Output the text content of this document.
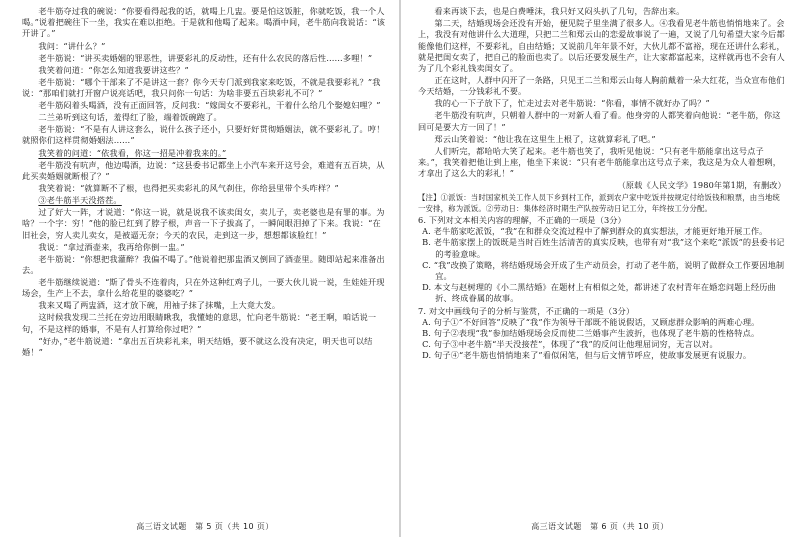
老牛筋夺过我的碗说：“你要看得起我的话，就喝上几盅。要是怕这饭脏，你就吃饭，我一个人喝。”说着把碗往下一坐，我实在难以拒绝。于是就和他喝了起来。喝酒中间，老牛筋向我说话：“该开讲了。”

我问：“讲什么？”

老牛筋说：“讲买卖婚姻的罪恶性，讲要彩礼的反动性，还有什么农民的落后性……多哩！”

我笑着问道：“你怎么知道我要讲这些？”

老牛筋说：“哪个干部来了不是讲这一套？你今天专门派到我家来吃饭，不就是我要彩礼？”我说：“那咱们就打开窗户说亮话吧，我只问你一句话：为啥非要五百块彩礼不可？”

老牛筋闷着头喝酒，没有正面回答，反问我：“嫁闺女不要彩礼，干着什么给几个娶媳妇哩？”

二兰弟听到这句话，羞得红了脸，端着饭碗跑了。

老牛筋说：“不是有人讲这套么，说什么孩子还小，只要好好贯彻婚姻法，就不要彩礼了。哼！就照你们这样贯彻婚姻法……”

我笑着的问道：“依我看，你这一招是冲着我来的。”

老牛筋没有吭声，他边喝酒，边说：“这县委书记都坐上小汽车来开这号会，难道有五百块，从此买卖婚姻就断根了？”

我笑着说：“就算断不了根，也得把买卖彩礼的风气刹住，你给县里带个头咋样？”

③老牛筋半天没搭茬。

过了好大一阵，才说道：“你这一说，就是说我不该卖闺女，卖儿子，卖老婆也是有罪的事。为啥？一个字：穷！”他的脸已红到了脖子根，声音一下子拔高了，一瞬间眼泪掉了下来。我说：“在旧社会，穷人卖儿卖女，是被逼无奈；今天的农民，走到这一步，想想都该脸红！”

我说：“拿过酒壶来，我再给你倒一盅。”

老牛筋说：“你想把我灌醉？我偏不喝了。”他说着把那盅酒又倒回了酒壶里。随即站起来准备出去。

老牛筋继续说道：“斯了骨头不连着肉，只在外这种红鸡子儿，一要大伙儿说一说，生娃娃开现场会，生产上不去，拿什么给花里的婆婆吃？”

我来又喝了两盅酒，这才放下碗，用袖子抹了抹嘴，上大竟大发。

这时候我发现二兰托在旁边用眼睛瞅我，我懂她的意思，忙向老牛筋说：“老王啊，咱话说一句，不是这样的婚事，不是有人打算给你过吧？”

“好办，”老牛筋说道：“拿出五百块彩礼来，明天结婚，要不就这么没有决定，明天也可以结婚！”

高三语文试题　第 5 页（共 10 页）

看来再谈下去，也是白费唾沫，我只好又闷头扒了几句，告辞出来。

第二天，结婚现场会还没有开始，便见院子里坐满了很多人。④我看见老牛筋也悄悄地来了。会上，我没有对他讲什么大道理，只把二兰和郑云山的恋爱故事说了一遍，又说了几句希望大家今后都能像他们这样，不要彩礼，自由结婚；又说前几年年景不好，大伙儿都不富裕，现在还讲什么彩礼，就是把闺女卖了，把自己的脸面也卖了。以后还要发展生产，让大家都富起来，这样就再也不会有人为了几个彩礼钱卖闺女了。

正在这时，人群中闪开了一条路，只见王二兰和郑云山每人胸前戴着一朵大红花，当众宣布他们今天结婚，一分钱彩礼不要。

我的心一下子放下了，忙走过去对老牛筋说：“你看，事情不就好办了吗？”

老牛筋没有吭声，只朝着人群中的一对新人看了看。他身旁的人都笑着向他说：“老牛筋，你这回可是要大方一回了！”

郑云山笑着说：“他让我在这里生上根了，这就算彩礼了吧。”

人们听完，都哈哈大笑了起来。老牛筋也笑了，我听见他说：“只有老牛筋能拿出这号点子来。”，我笑着把他让到上座，他坐下来说：“只有老牛筋能拿出这号点子来，我这是为众人着想咧，才拿出了这么大的彩礼！”

（原载《人民文学》1980年第1期，有删改）

【注】①派饭：当时国家机关工作人员下乡到村工作，派到农户家中吃饭并按规定付给饭钱和粮票，由当地统一安排，称为派饭。②劳动日：集体经济时期生产队按劳动日记工分，年终按工分分配。

6. 下列对文本相关内容的理解，不正确的一项是（3分）

A. 老牛筋家吃派饭，“我”在和群众交流过程中了解到群众的真实想法，才能更好地开展工作。

B. 老牛筋家摆上的饭既是当时百姓生活清苦的真实反映，也带有对“我”这个来吃“派饭”的县委书记的考验意味。

C. “我”改换了策略，将结婚现场会开成了生产动员会，打动了老牛筋，说明了做群众工作要因地制宜。

D. 本文与赵树理的《小二黑结婚》在题材上有相似之处，都讲述了农村青年在婚恋问题上经历曲折、终成眷属的故事。

7. 对文中画线句子的分析与鉴赏，不正确的一项是（3分）

A. 句子①“不好回答”反映了“我”作为领导干部既不能说假话，又顾虑群众影响的两难心理。

B. 句子②表现“我”参加结婚现场会反而使二兰婚事产生波折，也体现了老牛筋的性格特点。

C. 句子③中老牛筋“半天没接茬”，体现了“我”的反问让他理屈词穷，无言以对。

D. 句子④“老牛筋也悄悄地来了”看似闲笔，但与后文情节呼应，使故事发展更有说服力。

高三语文试题　第 6 页（共 10 页）
